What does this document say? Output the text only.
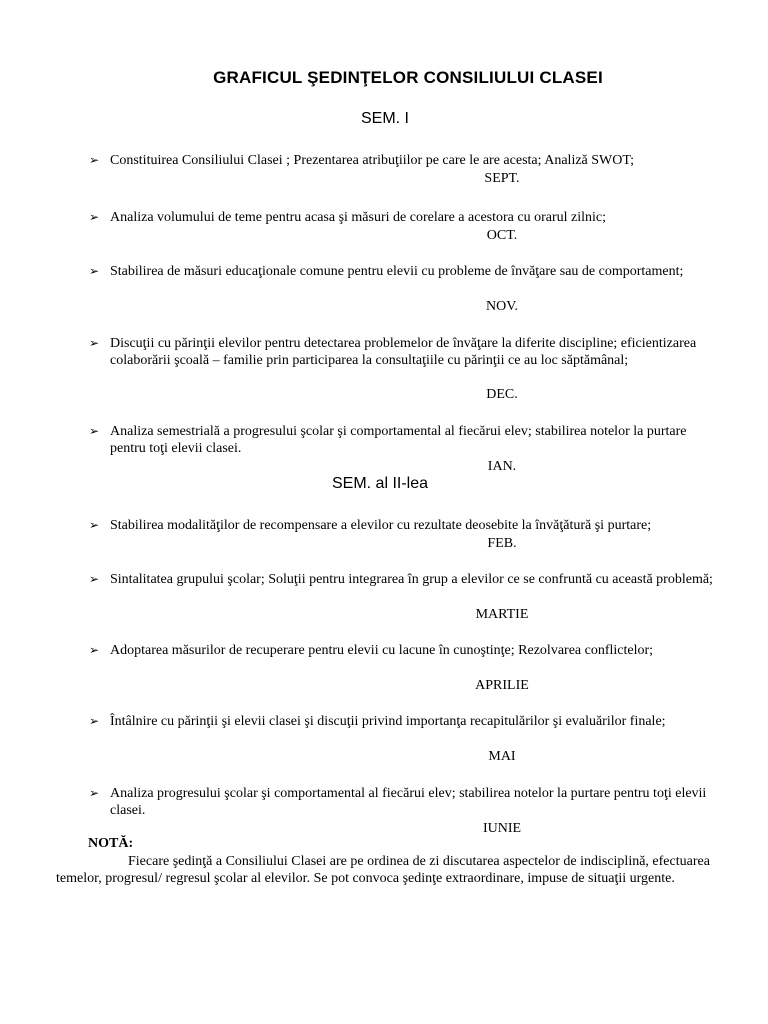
GRAFICUL ŞEDINŢELOR CONSILIULUI CLASEI
SEM. I
➢ Constituirea Consiliului Clasei ; Prezentarea atribuţiilor pe care le are acesta; Analiză SWOT;
SEPT.
➢ Analiza volumului de teme pentru acasa şi măsuri de corelare a acestora cu orarul zilnic;
OCT.
➢ Stabilirea de măsuri educaţionale comune pentru elevii cu probleme de învăţare sau de comportament;
NOV.
➢ Discuţii cu părinţii elevilor pentru detectarea problemelor de învăţare la diferite discipline; eficientizarea colaborării şcoală – familie prin participarea la consultaţiile cu părinţii ce au loc săptămânal;
DEC.
➢ Analiza semestrială a progresului şcolar şi comportamental al fiecărui elev; stabilirea notelor la purtare pentru toţi elevii clasei.
IAN.
SEM. al II-lea
➢ Stabilirea modalităţilor de recompensare a elevilor cu rezultate deosebite la învăţătură şi purtare;
FEB.
➢ Sintalitatea grupului şcolar; Soluţii pentru integrarea în grup a elevilor ce se confruntă cu această problemă;
MARTIE
➢ Adoptarea măsurilor de recuperare pentru elevii cu lacune în cunoştinţe; Rezolvarea conflictelor;
APRILIE
➢ Întâlnire cu părinţii şi elevii clasei şi discuţii privind importanţa recapitulărilor şi evaluărilor finale;
MAI
➢ Analiza progresului şcolar şi comportamental al fiecărui elev; stabilirea notelor la purtare pentru toţi elevii clasei.
IUNIE
NOTĂ:
Fiecare şedinţă a Consiliului Clasei are pe ordinea de zi discutarea aspectelor de indisciplină, efectuarea temelor, progresul/ regresul şcolar al elevilor. Se pot convoca şedinţe extraordinare, impuse de situaţii urgente.
